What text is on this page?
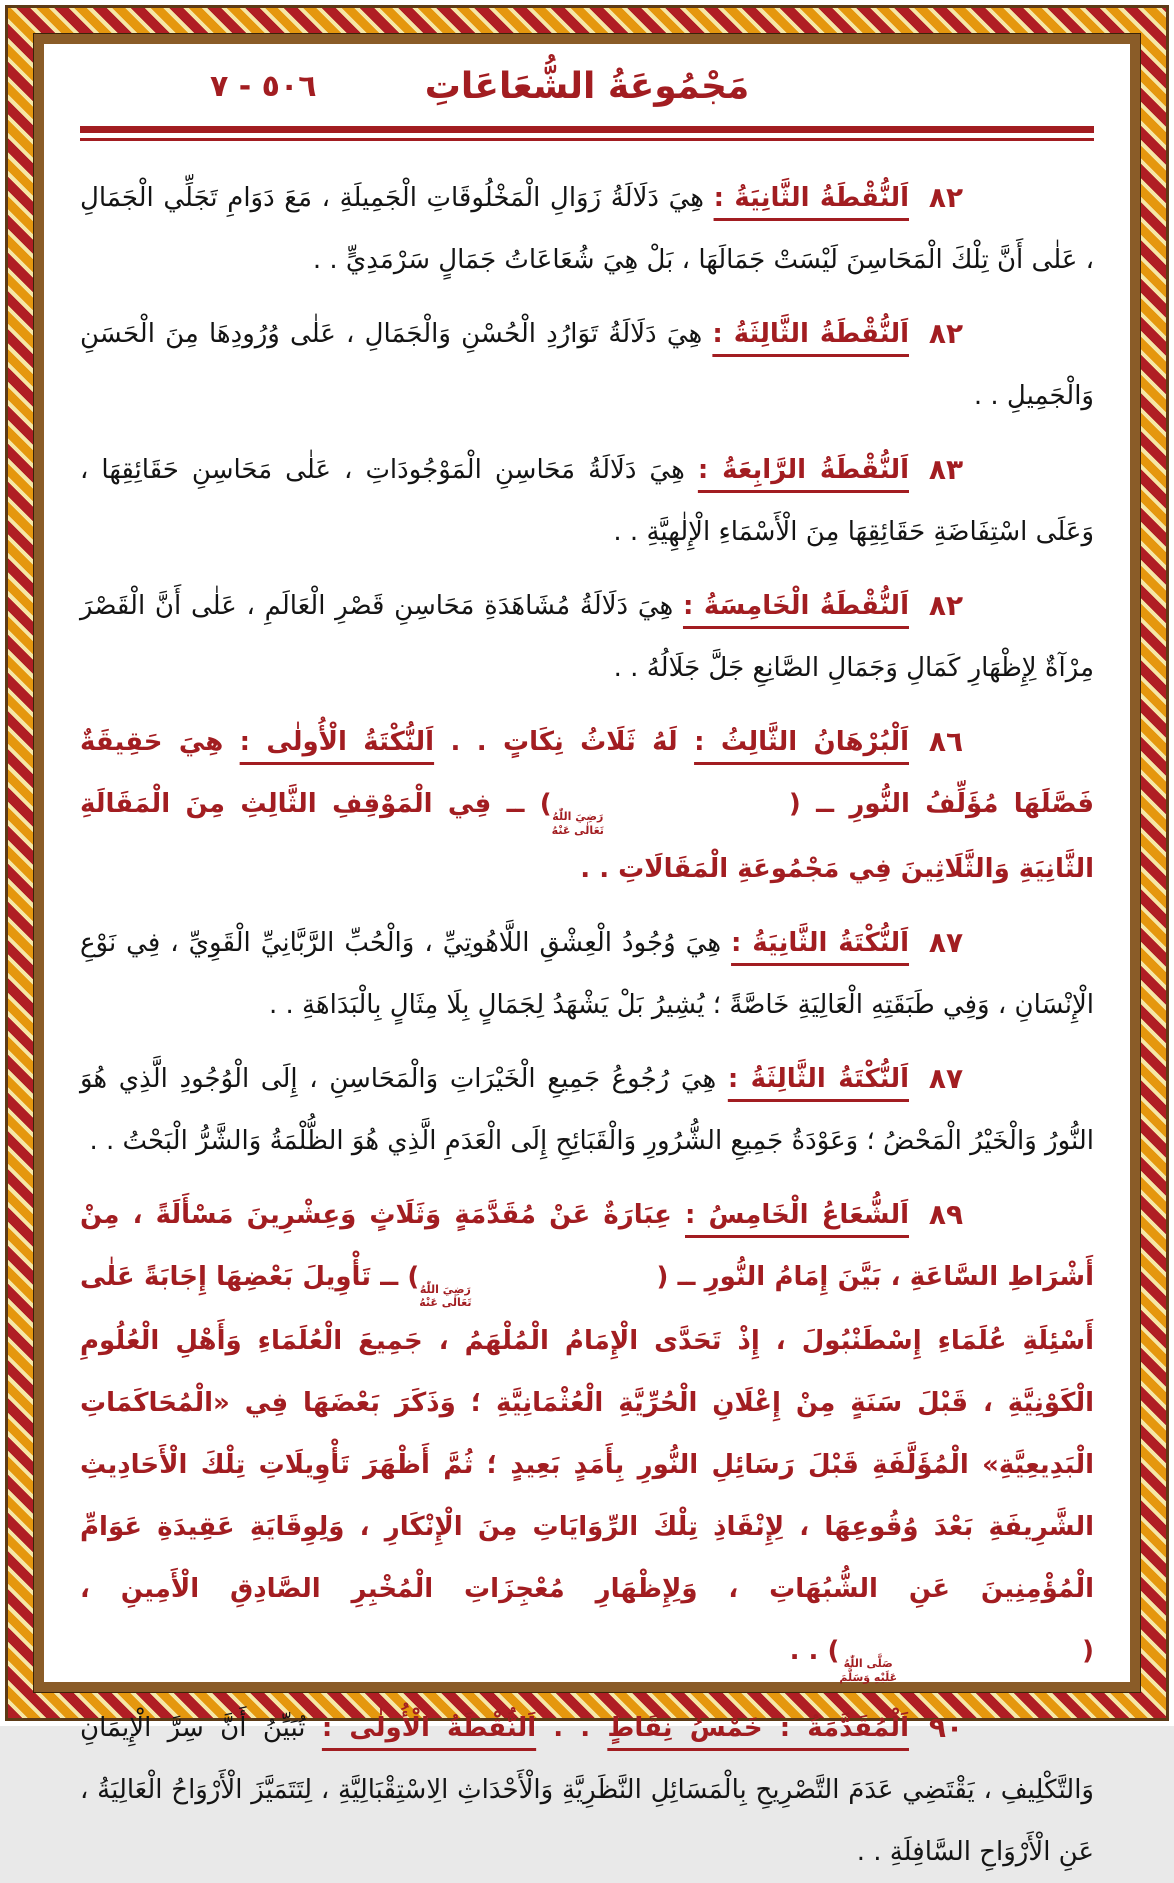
٥٠٦ - ٧	مَجْمُوعَةُ الشُّعَاعَاتِ
٨٢
اَلنُّقْطَةُ الثَّانِيَةُ : هِيَ دَلَالَةُ زَوَالِ الْمَخْلُوقَاتِ الْجَمِيلَةِ ، مَعَ دَوَامِ تَجَلِّي الْجَمَالِ ، عَلٰى أَنَّ تِلْكَ الْمَحَاسِنَ لَيْسَتْ جَمَالَهَا ، بَلْ هِيَ شُعَاعَاتُ جَمَالٍ سَرْمَدِيٍّ . .
٨٢
اَلنُّقْطَةُ الثَّالِثَةُ : هِيَ دَلَالَةُ تَوَارُدِ الْحُسْنِ وَالْجَمَالِ ، عَلٰى وُرُودِهَا مِنَ الْحَسَنِ وَالْجَمِيلِ . .
٨٣
اَلنُّقْطَةُ الرَّابِعَةُ : هِيَ دَلَالَةُ مَحَاسِنِ الْمَوْجُودَاتِ ، عَلٰى مَحَاسِنِ حَقَائِقِهَا ، وَعَلَى اسْتِفَاضَةِ حَقَائِقِهَا مِنَ الْأَسْمَاءِ الْإِلٰهِيَّةِ . .
٨٢
اَلنُّقْطَةُ الْخَامِسَةُ : هِيَ دَلَالَةُ مُشَاهَدَةِ مَحَاسِنِ قَصْرِ الْعَالَمِ ، عَلٰى أَنَّ الْقَصْرَ مِرْآةٌ لِإِظْهَارِ كَمَالِ وَجَمَالِ الصَّانِعِ جَلَّ جَلَالُهُ . .
٨٦
اَلْبُرْهَانُ الثَّالِثُ : لَهُ ثَلَاثُ نِكَاتٍ . . اَلنُّكْتَةُ الْأُولٰى : هِيَ حَقِيقَةٌ فَصَّلَهَا مُؤَلِّفُ النُّورِ ــ (
رَضِيَ اللّٰهُ
تَعَالٰى عَنْهُ
) ــ فِي الْمَوْقِفِ الثَّالِثِ مِنَ الْمَقَالَةِ الثَّانِيَةِ وَالثَّلَاثِينَ فِي مَجْمُوعَةِ الْمَقَالَاتِ . .
٨٧
اَلنُّكْتَةُ الثَّانِيَةُ : هِيَ وُجُودُ الْعِشْقِ اللَّاهُوتِيِّ ، وَالْحُبِّ الرَّبَّانِيِّ الْقَوِيِّ ، فِي نَوْعِ الْإِنْسَانِ ، وَفِي طَبَقَتِهِ الْعَالِيَةِ خَاصَّةً ؛ يُشِيرُ بَلْ يَشْهَدُ لِجَمَالٍ بِلَا مِثَالٍ بِالْبَدَاهَةِ . .
٨٧
اَلنُّكْتَةُ الثَّالِثَةُ : هِيَ رُجُوعُ جَمِيعِ الْخَيْرَاتِ وَالْمَحَاسِنِ ، إِلَى الْوُجُودِ الَّذِي هُوَ النُّورُ وَالْخَيْرُ الْمَحْضُ ؛ وَعَوْدَةُ جَمِيعِ الشُّرُورِ وَالْقَبَائِحِ إِلَى الْعَدَمِ الَّذِي هُوَ الظُّلْمَةُ وَالشَّرُّ الْبَحْتُ . .
٨٩
اَلشُّعَاعُ الْخَامِسُ : عِبَارَةٌ عَنْ مُقَدَّمَةٍ وَثَلَاثٍ وَعِشْرِينَ مَسْأَلَةً ، مِنْ أَشْرَاطِ السَّاعَةِ ، بَيَّنَ إِمَامُ النُّورِ ــ (
رَضِيَ اللّٰهُ
تَعَالٰى عَنْهُ
) ــ تَأْوِيلَ بَعْضِهَا إِجَابَةً عَلٰى أَسْئِلَةِ عُلَمَاءِ إِسْطَنْبُولَ ، إِذْ تَحَدَّى الْإِمَامُ الْمُلْهَمُ ، جَمِيعَ الْعُلَمَاءِ وَأَهْلِ الْعُلُومِ الْكَوْنِيَّةِ ، قَبْلَ سَنَةٍ مِنْ إِعْلَانِ الْحُرِّيَّةِ الْعُثْمَانِيَّةِ ؛ وَذَكَرَ بَعْضَهَا فِي «الْمُحَاكَمَاتِ الْبَدِيعِيَّةِ» الْمُؤَلَّفَةِ قَبْلَ رَسَائِلِ النُّورِ بِأَمَدٍ بَعِيدٍ ؛ ثُمَّ أَظْهَرَ تَأْوِيلَاتِ تِلْكَ الْأَحَادِيثِ الشَّرِيفَةِ بَعْدَ وُقُوعِهَا ، لِإِنْقَاذِ تِلْكَ الرِّوَايَاتِ مِنَ الْإِنْكَارِ ، وَلِوِقَايَةِ عَقِيدَةِ عَوَامِّ الْمُؤْمِنِينَ عَنِ الشُّبُهَاتِ ، وَلِإِظْهَارِ مُعْجِزَاتِ الْمُخْبِرِ الصَّادِقِ الْأَمِينِ ، (
صَلَّى اللّٰهُ
عَلَيْهِ وَسَلَّمَ
) . .
٩٠
اَلْمُقَدَّمَةُ : خَمْسُ نِقَاطٍ . . اَلنُّقْطَةُ الْأُولٰى : تُبَيِّنُ أَنَّ سِرَّ الْإِيمَانِ وَالتَّكْلِيفِ ، يَقْتَضِي عَدَمَ التَّصْرِيحِ بِالْمَسَائِلِ النَّظَرِيَّةِ وَالْأَحْدَاثِ الِاسْتِقْبَالِيَّةِ ، لِتَتَمَيَّزَ الْأَرْوَاحُ الْعَالِيَةُ ، عَنِ الْأَرْوَاحِ السَّافِلَةِ . .
